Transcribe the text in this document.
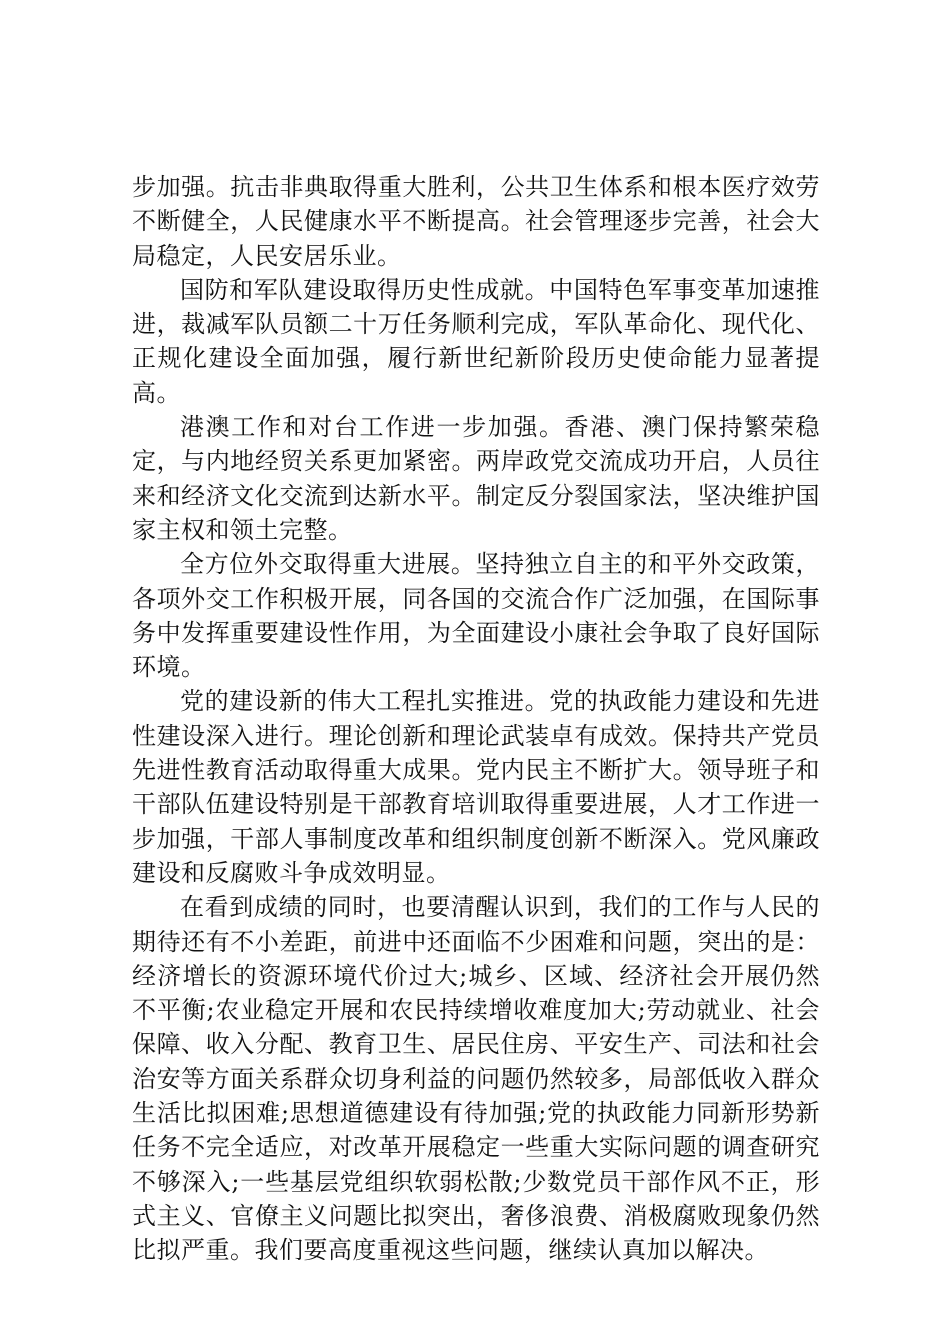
步加强。抗击非典取得重大胜利，公共卫生体系和根本医疗效劳不断健全，人民健康水平不断提高。社会管理逐步完善，社会大局稳定，人民安居乐业。

国防和军队建设取得历史性成就。中国特色军事变革加速推进，裁减军队员额二十万任务顺利完成，军队革命化、现代化、正规化建设全面加强，履行新世纪新阶段历史使命能力显著提高。

港澳工作和对台工作进一步加强。香港、澳门保持繁荣稳定，与内地经贸关系更加紧密。两岸政党交流成功开启，人员往来和经济文化交流到达新水平。制定反分裂国家法，坚决维护国家主权和领土完整。

全方位外交取得重大进展。坚持独立自主的和平外交政策，各项外交工作积极开展，同各国的交流合作广泛加强，在国际事务中发挥重要建设性作用，为全面建设小康社会争取了良好国际环境。

党的建设新的伟大工程扎实推进。党的执政能力建设和先进性建设深入进行。理论创新和理论武装卓有成效。保持共产党员先进性教育活动取得重大成果。党内民主不断扩大。领导班子和干部队伍建设特别是干部教育培训取得重要进展，人才工作进一步加强，干部人事制度改革和组织制度创新不断深入。党风廉政建设和反腐败斗争成效明显。

在看到成绩的同时，也要清醒认识到，我们的工作与人民的期待还有不小差距，前进中还面临不少困难和问题，突出的是：经济增长的资源环境代价过大;城乡、区域、经济社会开展仍然不平衡;农业稳定开展和农民持续增收难度加大;劳动就业、社会保障、收入分配、教育卫生、居民住房、平安生产、司法和社会治安等方面关系群众切身利益的问题仍然较多，局部低收入群众生活比拟困难;思想道德建设有待加强;党的执政能力同新形势新任务不完全适应，对改革开展稳定一些重大实际问题的调查研究不够深入;一些基层党组织软弱松散;少数党员干部作风不正，形式主义、官僚主义问题比拟突出，奢侈浪费、消极腐败现象仍然比拟严重。我们要高度重视这些问题，继续认真加以解决。
